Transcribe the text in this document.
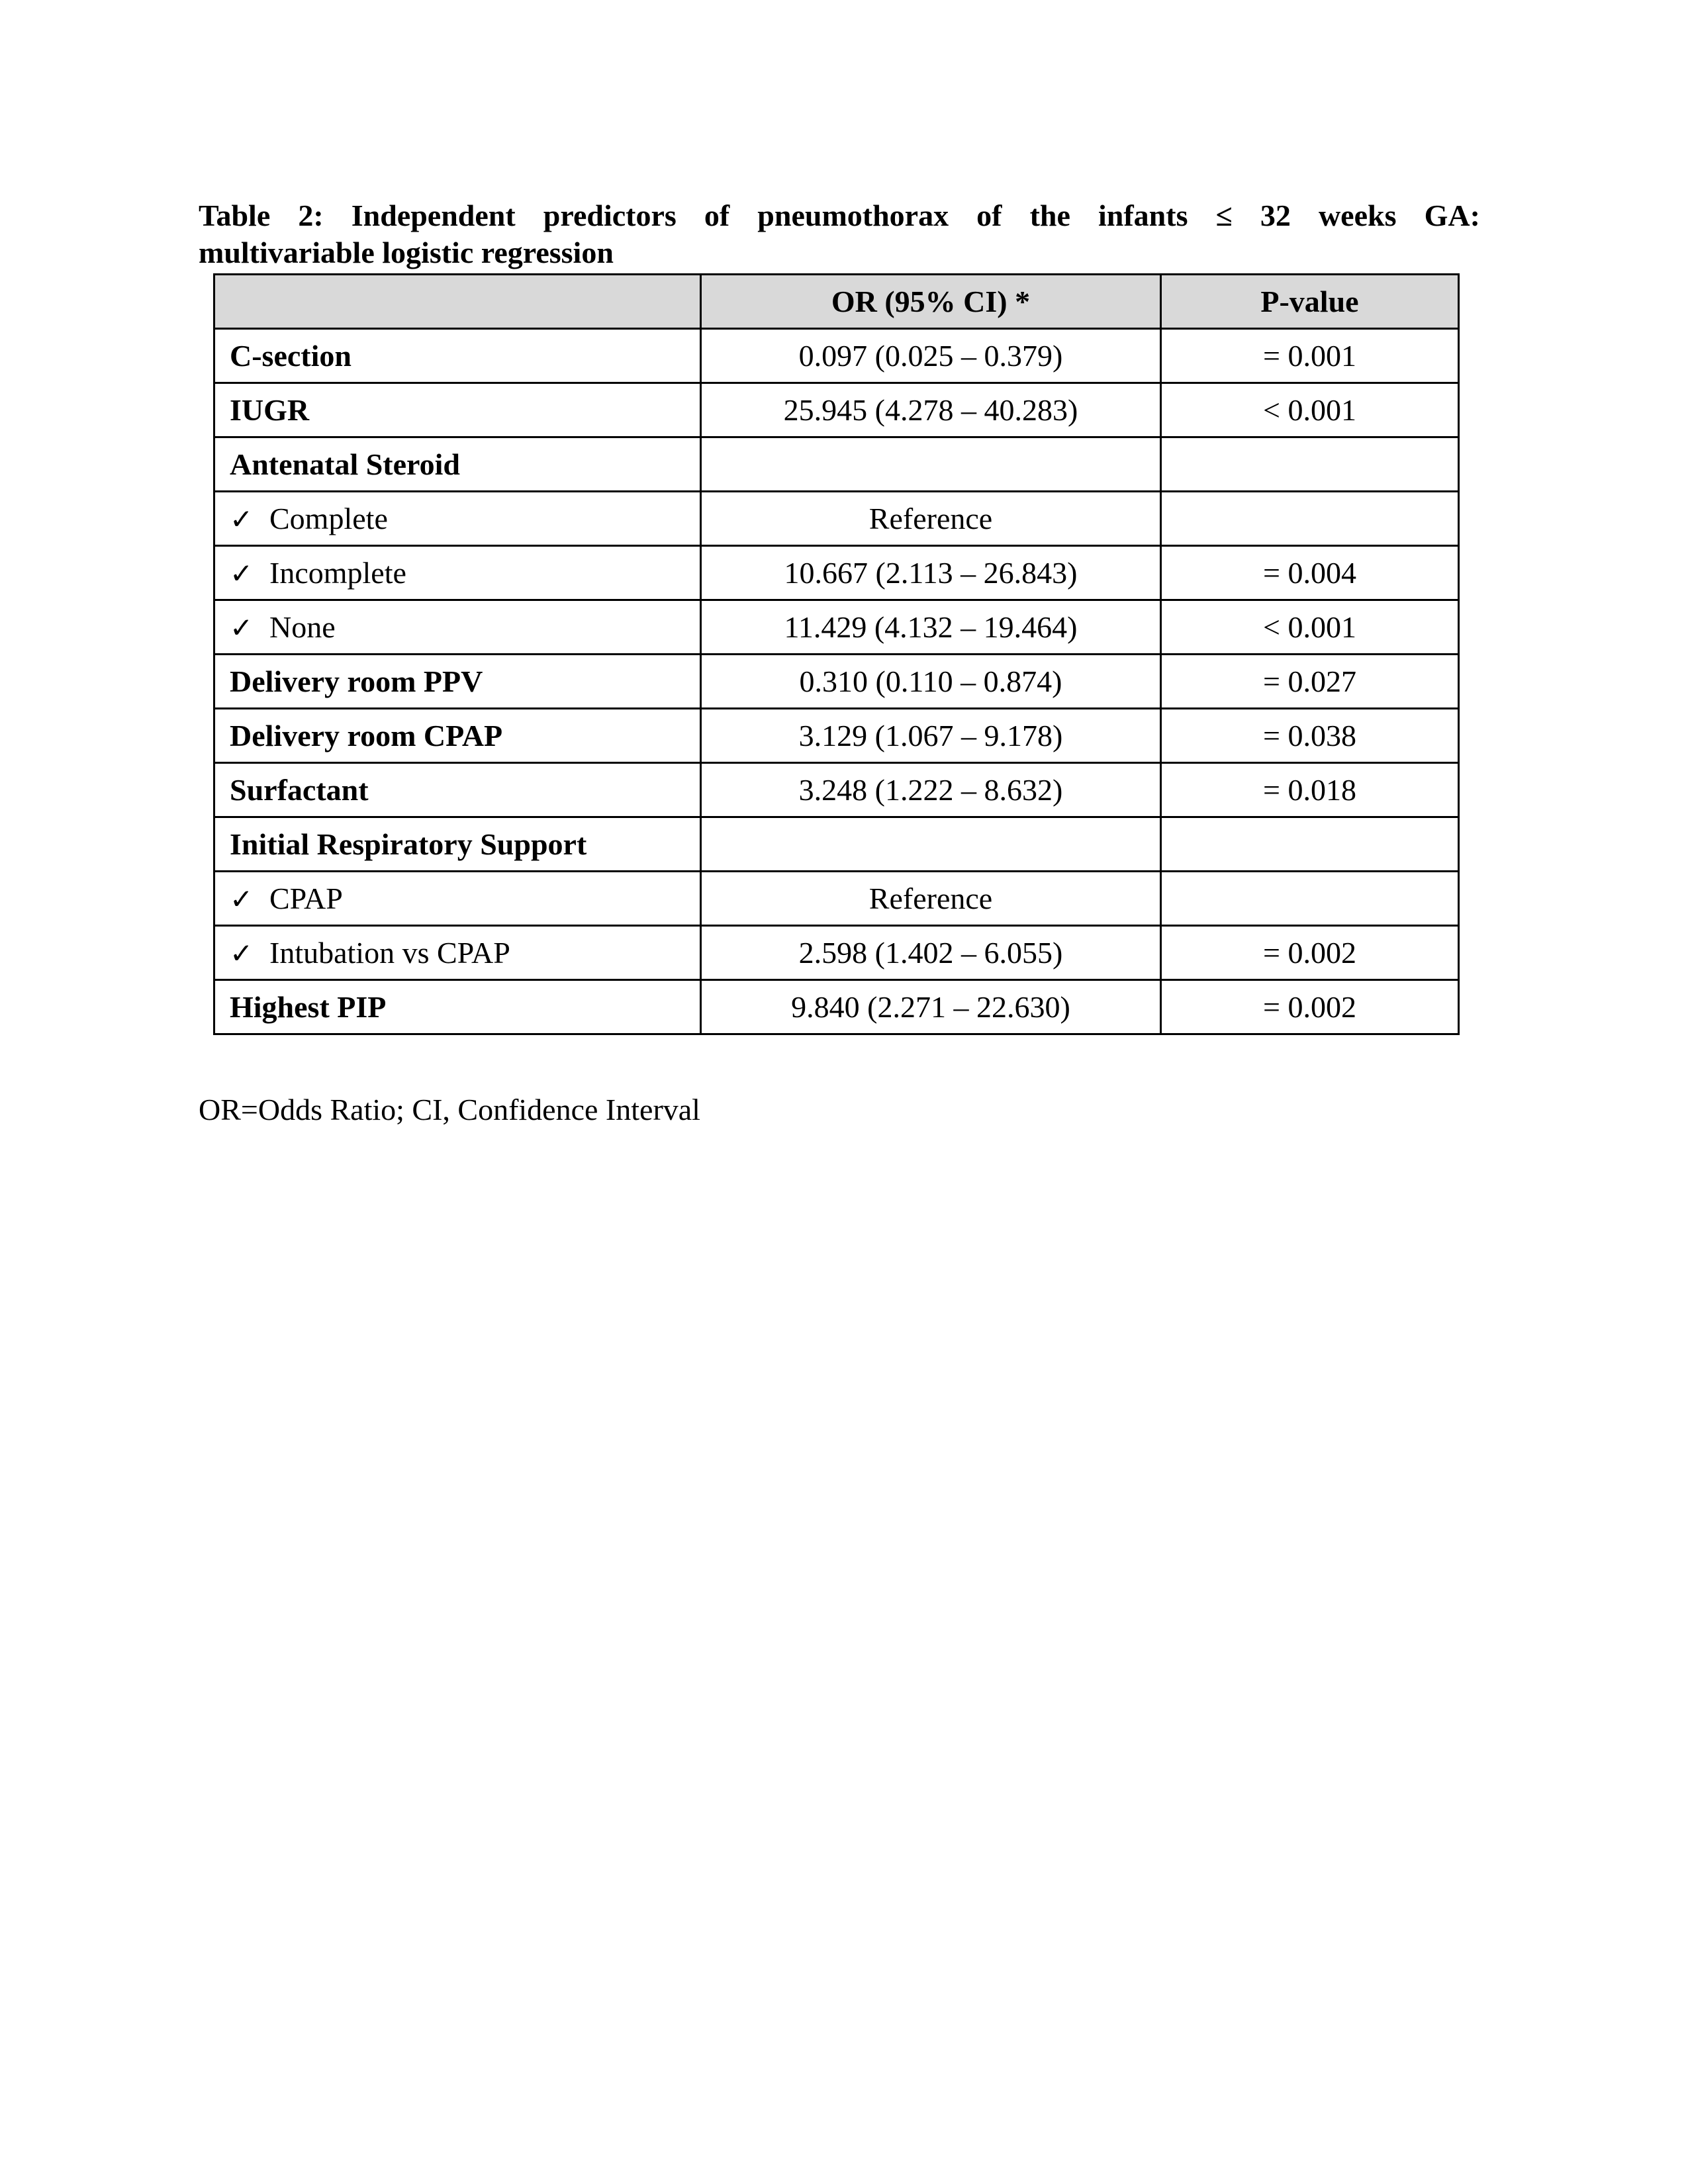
Table 2: Independent predictors of pneumothorax of the infants ≤ 32 weeks GA:
multivariable logistic regression
	OR (95% CI) *	P-value
C-section	0.097 (0.025 – 0.379)	= 0.001
IUGR	25.945 (4.278 – 40.283)	< 0.001
Antenatal Steroid		
✓ Complete	Reference	
✓ Incomplete	10.667 (2.113 – 26.843)	= 0.004
✓ None	11.429 (4.132 – 19.464)	< 0.001
Delivery room PPV	0.310 (0.110 – 0.874)	= 0.027
Delivery room CPAP	3.129 (1.067 – 9.178)	= 0.038
Surfactant	3.248 (1.222 – 8.632)	= 0.018
Initial Respiratory Support		
✓ CPAP	Reference	
✓ Intubation vs CPAP	2.598 (1.402 – 6.055)	= 0.002
Highest PIP	9.840 (2.271 – 22.630)	= 0.002
OR=Odds Ratio; CI, Confidence Interval
